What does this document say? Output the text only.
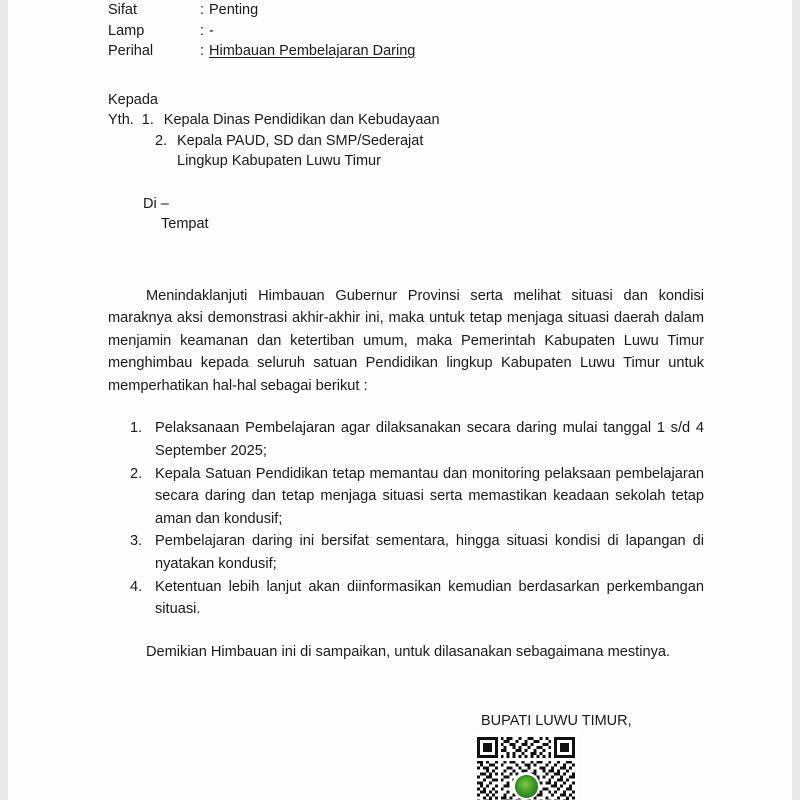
Sifat	: Penting
Lamp	: -
Perihal	: Himbauan Pembelajaran Daring
Kepada
Yth. 1. Kepala Dinas Pendidikan dan Kebudayaan
2. Kepala PAUD, SD dan SMP/Sederajat
Lingkup Kabupaten Luwu Timur
Di –
Tempat
Menindaklanjuti Himbauan Gubernur Provinsi serta melihat situasi dan kondisi maraknya aksi demonstrasi akhir-akhir ini, maka untuk tetap menjaga situasi daerah dalam menjamin keamanan dan ketertiban umum, maka Pemerintah Kabupaten Luwu Timur menghimbau kepada seluruh satuan Pendidikan lingkup Kabupaten Luwu Timur untuk memperhatikan hal-hal sebagai berikut :
1. Pelaksanaan Pembelajaran agar dilaksanakan secara daring mulai tanggal 1 s/d 4 September 2025;
2. Kepala Satuan Pendidikan tetap memantau dan monitoring pelaksaan pembelajaran secara daring dan tetap menjaga situasi serta memastikan keadaan sekolah tetap aman dan kondusif;
3. Pembelajaran daring ini bersifat sementara, hingga situasi kondisi di lapangan di nyatakan kondusif;
4. Ketentuan lebih lanjut akan diinformasikan kemudian berdasarkan perkembangan situasi.
Demikian Himbauan ini di sampaikan, untuk dilasanakan sebagaimana mestinya.
BUPATI LUWU TIMUR,
